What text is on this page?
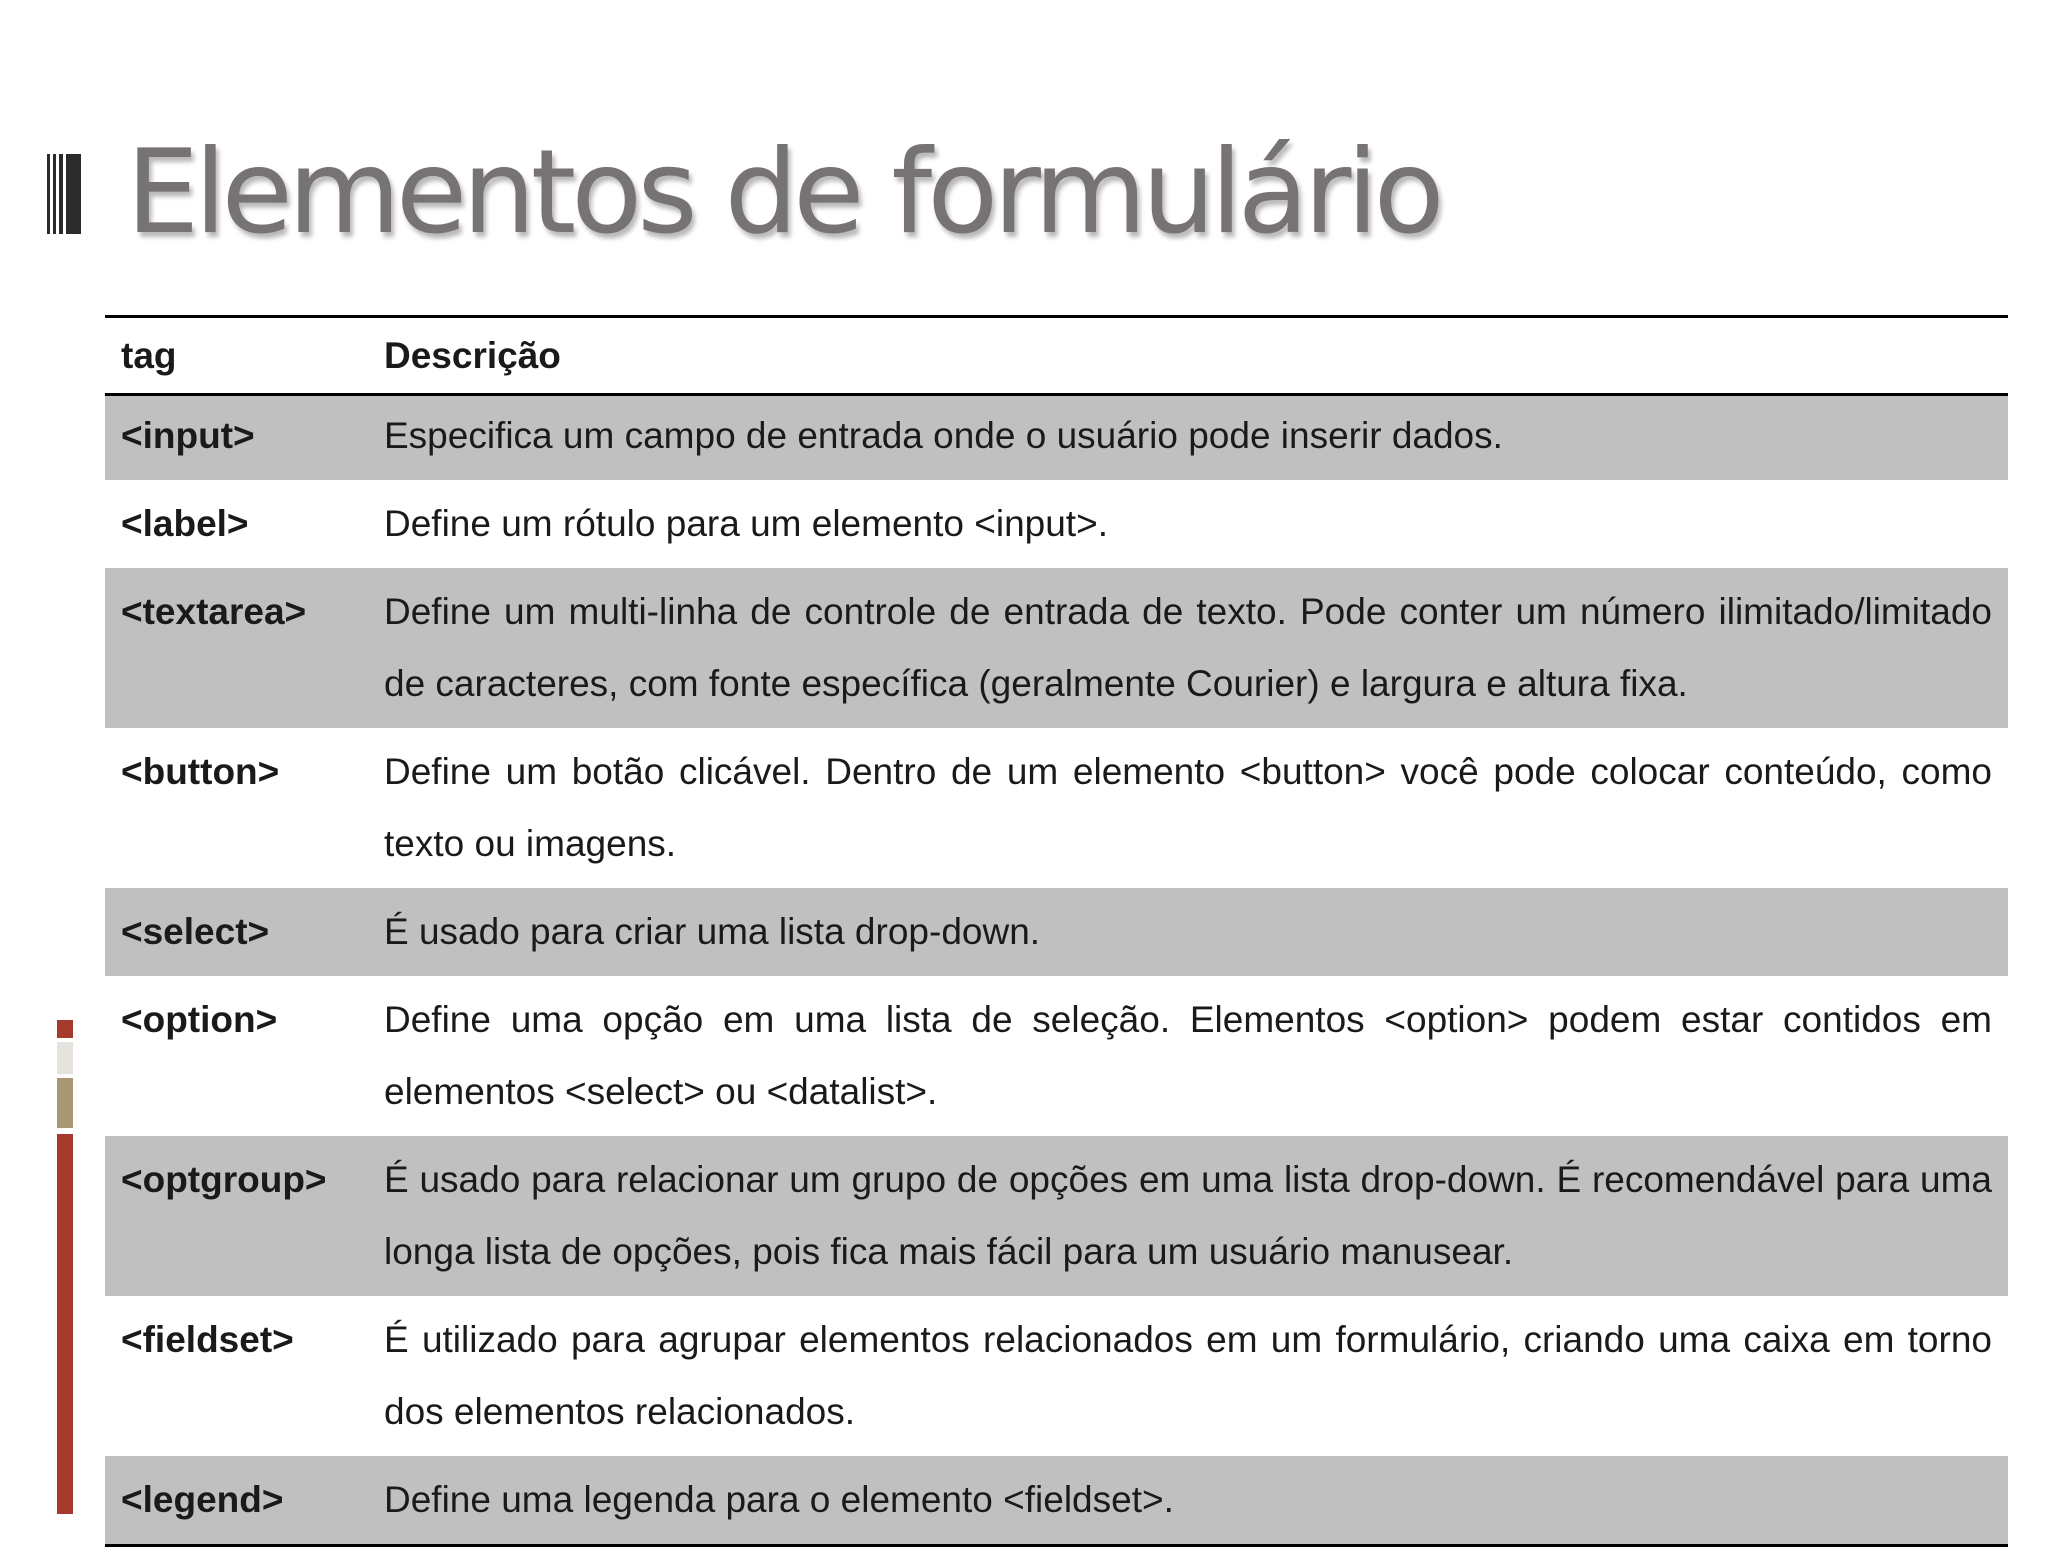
Elementos de formulário
tag	Descrição
<input>	Especifica um campo de entrada onde o usuário pode inserir dados.
<label>	Define um rótulo para um elemento <input>.
<textarea>	Define um multi-linha de controle de entrada de texto. Pode conter um número ilimitado/limitado de caracteres, com fonte específica (geralmente Courier) e largura e altura fixa.
<button>	Define um botão clicável. Dentro de um elemento <button> você pode colocar conteúdo, como texto ou imagens.
<select>	É usado para criar uma lista drop-down.
<option>	Define uma opção em uma lista de seleção. Elementos <option> podem estar contidos em elementos <select> ou <datalist>.
<optgroup>	É usado para relacionar um grupo de opções em uma lista drop-down. É recomendável para uma longa lista de opções, pois fica mais fácil para um usuário manusear.
<fieldset>	É utilizado para agrupar elementos relacionados em um formulário, criando uma caixa em torno dos elementos relacionados.
<legend>	Define uma legenda para o elemento <fieldset>.
